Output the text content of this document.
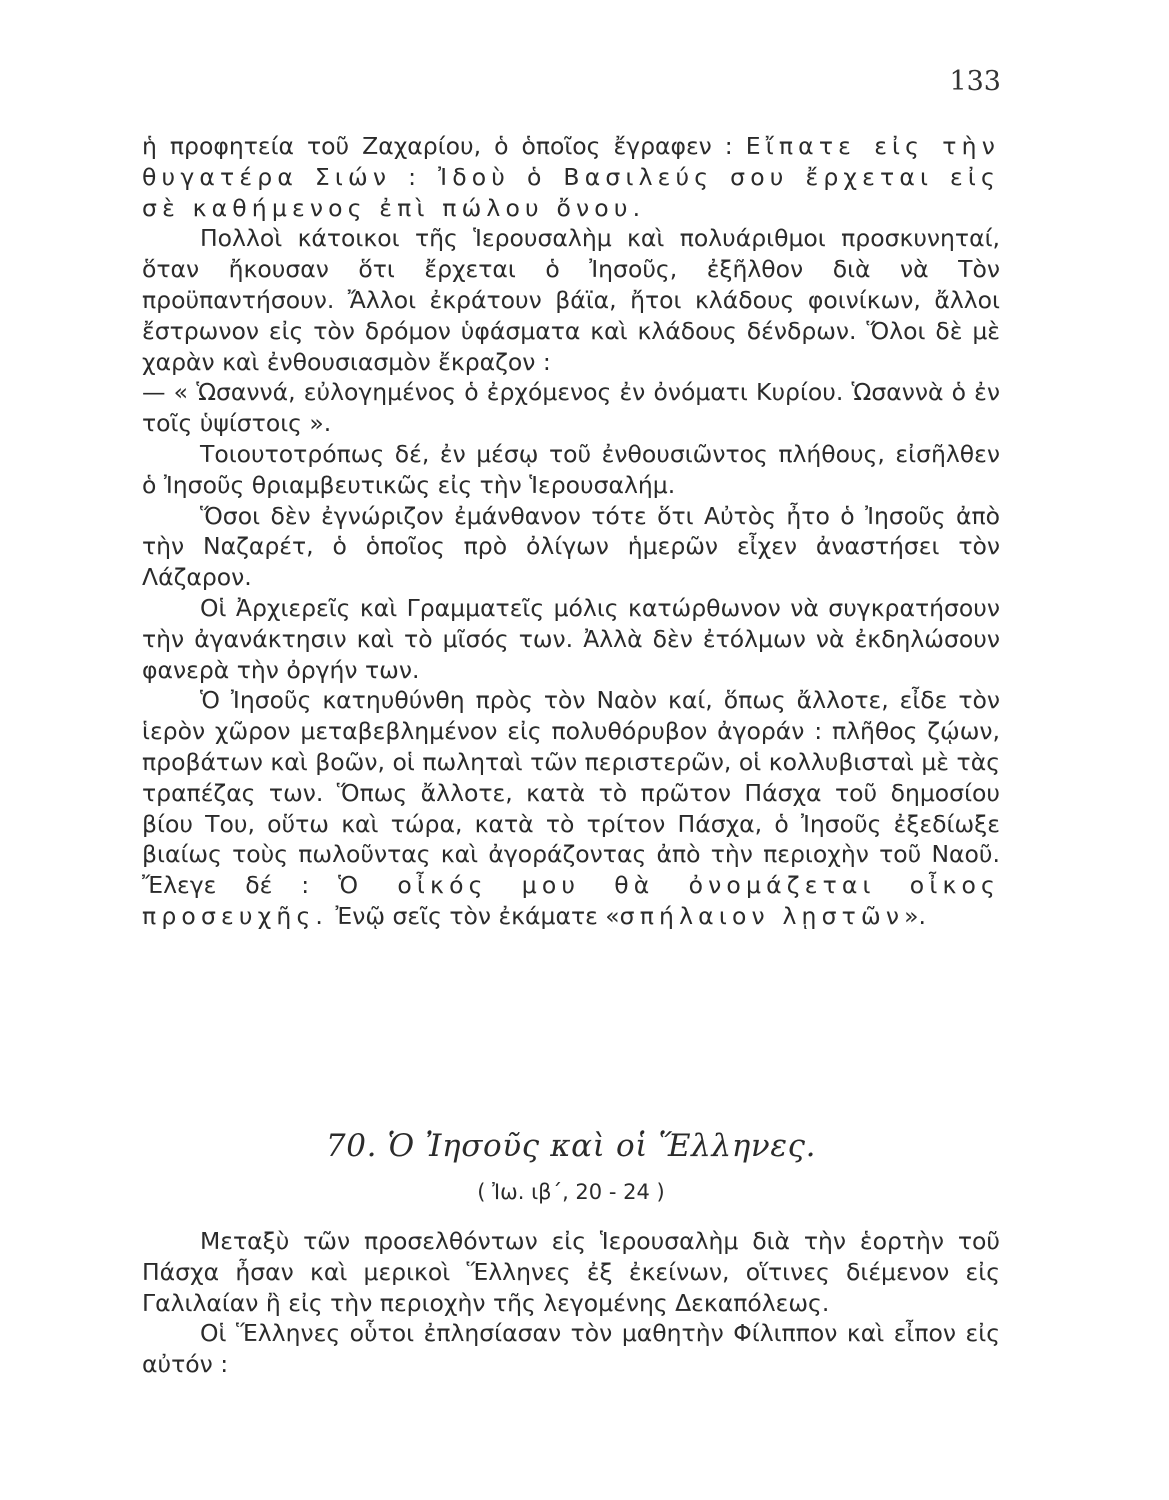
133

ἡ προφητεία τοῦ Ζαχαρίου, ὁ ὁποῖος ἔγραφεν : Εἴπατε εἰς τὴν θυγατέρα Σιών : Ἰδοὺ ὁ Βασιλεύς σου ἔρχεται εἰς σὲ καθήμενος ἐπὶ πώλου ὄνου.

Πολλοὶ κάτοικοι τῆς Ἱερουσαλὴμ καὶ πολυάριθμοι προσκυνηταί, ὅταν ἤκουσαν ὅτι ἔρχεται ὁ Ἰησοῦς, ἐξῆλθον διὰ νὰ Τὸν προϋπαντήσουν. Ἄλλοι ἐκράτουν βάϊα, ἤτοι κλάδους φοινίκων, ἄλλοι ἔστρωνον εἰς τὸν δρόμον ὑφάσματα καὶ κλάδους δένδρων. Ὅλοι δὲ μὲ χαρὰν καὶ ἐνθουσιασμὸν ἔκραζον :

— « Ὡσαννά, εὐλογημένος ὁ ἐρχόμενος ἐν ὀνόματι Κυρίου. Ὡσαννὰ ὁ ἐν τοῖς ὑψίστοις ».

Τοιουτοτρόπως δέ, ἐν μέσῳ τοῦ ἐνθουσιῶντος πλήθους, εἰσῆλθεν ὁ Ἰησοῦς θριαμβευτικῶς εἰς τὴν Ἱερουσαλήμ.

Ὅσοι δὲν ἐγνώριζον ἐμάνθανον τότε ὅτι Αὐτὸς ἦτο ὁ Ἰησοῦς ἀπὸ τὴν Ναζαρέτ, ὁ ὁποῖος πρὸ ὀλίγων ἡμερῶν εἶχεν ἀναστήσει τὸν Λάζαρον.

Οἱ Ἀρχιερεῖς καὶ Γραμματεῖς μόλις κατώρθωνον νὰ συγκρατήσουν τὴν ἀγανάκτησιν καὶ τὸ μῖσός των. Ἀλλὰ δὲν ἐτόλμων νὰ ἐκδηλώσουν φανερὰ τὴν ὀργήν των.

Ὁ Ἰησοῦς κατηυθύνθη πρὸς τὸν Ναὸν καί, ὅπως ἄλλοτε, εἶδε τὸν ἱερὸν χῶρον μεταβεβλημένον εἰς πολυθόρυβον ἀγοράν : πλῆθος ζῴων, προβάτων καὶ βοῶν, οἱ πωληταὶ τῶν περιστερῶν, οἱ κολλυβισταὶ μὲ τὰς τραπέζας των. Ὅπως ἄλλοτε, κατὰ τὸ πρῶτον Πάσχα τοῦ δημοσίου βίου Του, οὕτω καὶ τώρα, κατὰ τὸ τρίτον Πάσχα, ὁ Ἰησοῦς ἐξεδίωξε βιαίως τοὺς πωλοῦντας καὶ ἀγοράζοντας ἀπὸ τὴν περιοχὴν τοῦ Ναοῦ. Ἔλεγε δέ : Ὁ οἶκός μου θὰ ὀνομάζεται οἶκος προσευχῆς. Ἐνῷ σεῖς τὸν ἐκάματε «σπήλαιον λῃστῶν».

70. Ὁ Ἰησοῦς καὶ οἱ Ἕλληνες.
( Ἰω. ιβ΄, 20 - 24 )

Μεταξὺ τῶν προσελθόντων εἰς Ἱερουσαλὴμ διὰ τὴν ἑορτὴν τοῦ Πάσχα ἦσαν καὶ μερικοὶ Ἕλληνες ἐξ ἐκείνων, οἵτινες διέμενον εἰς Γαλιλαίαν ἢ εἰς τὴν περιοχὴν τῆς λεγομένης Δεκαπόλεως.

Οἱ Ἕλληνες οὗτοι ἐπλησίασαν τὸν μαθητὴν Φίλιππον καὶ εἶπον εἰς αὐτόν :
